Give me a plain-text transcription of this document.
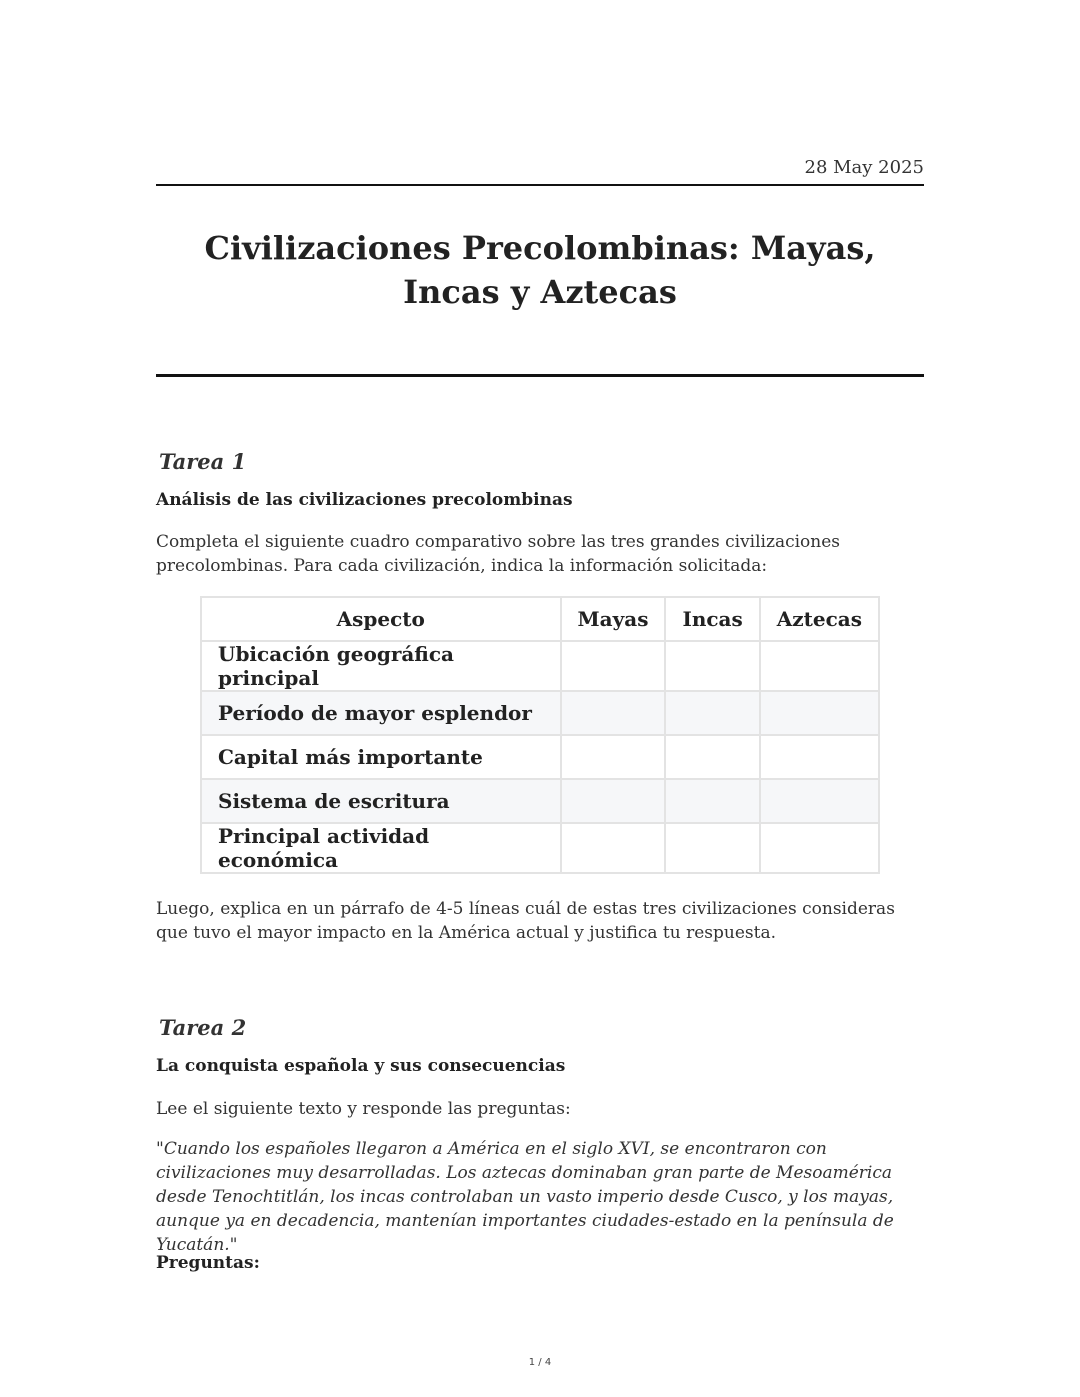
28 May 2025
Civilizaciones Precolombinas: Mayas, Incas y Aztecas
Tarea 1
Análisis de las civilizaciones precolombinas

Completa el siguiente cuadro comparativo sobre las tres grandes civilizaciones precolombinas. Para cada civilización, indica la información solicitada:

Aspecto	Mayas	Incas	Aztecas
Ubicación geográfica principal			
Período de mayor esplendor			
Capital más importante			
Sistema de escritura			
Principal actividad económica			

Luego, explica en un párrafo de 4-5 líneas cuál de estas tres civilizaciones consideras que tuvo el mayor impacto en la América actual y justifica tu respuesta.

Tarea 2
La conquista española y sus consecuencias

Lee el siguiente texto y responde las preguntas:

"Cuando los españoles llegaron a América en el siglo XVI, se encontraron con civilizaciones muy desarrolladas. Los aztecas dominaban gran parte de Mesoamérica desde Tenochtitlán, los incas controlaban un vasto imperio desde Cusco, y los mayas, aunque ya en decadencia, mantenían importantes ciudades-estado en la península de Yucatán."

Preguntas:

1 / 4
